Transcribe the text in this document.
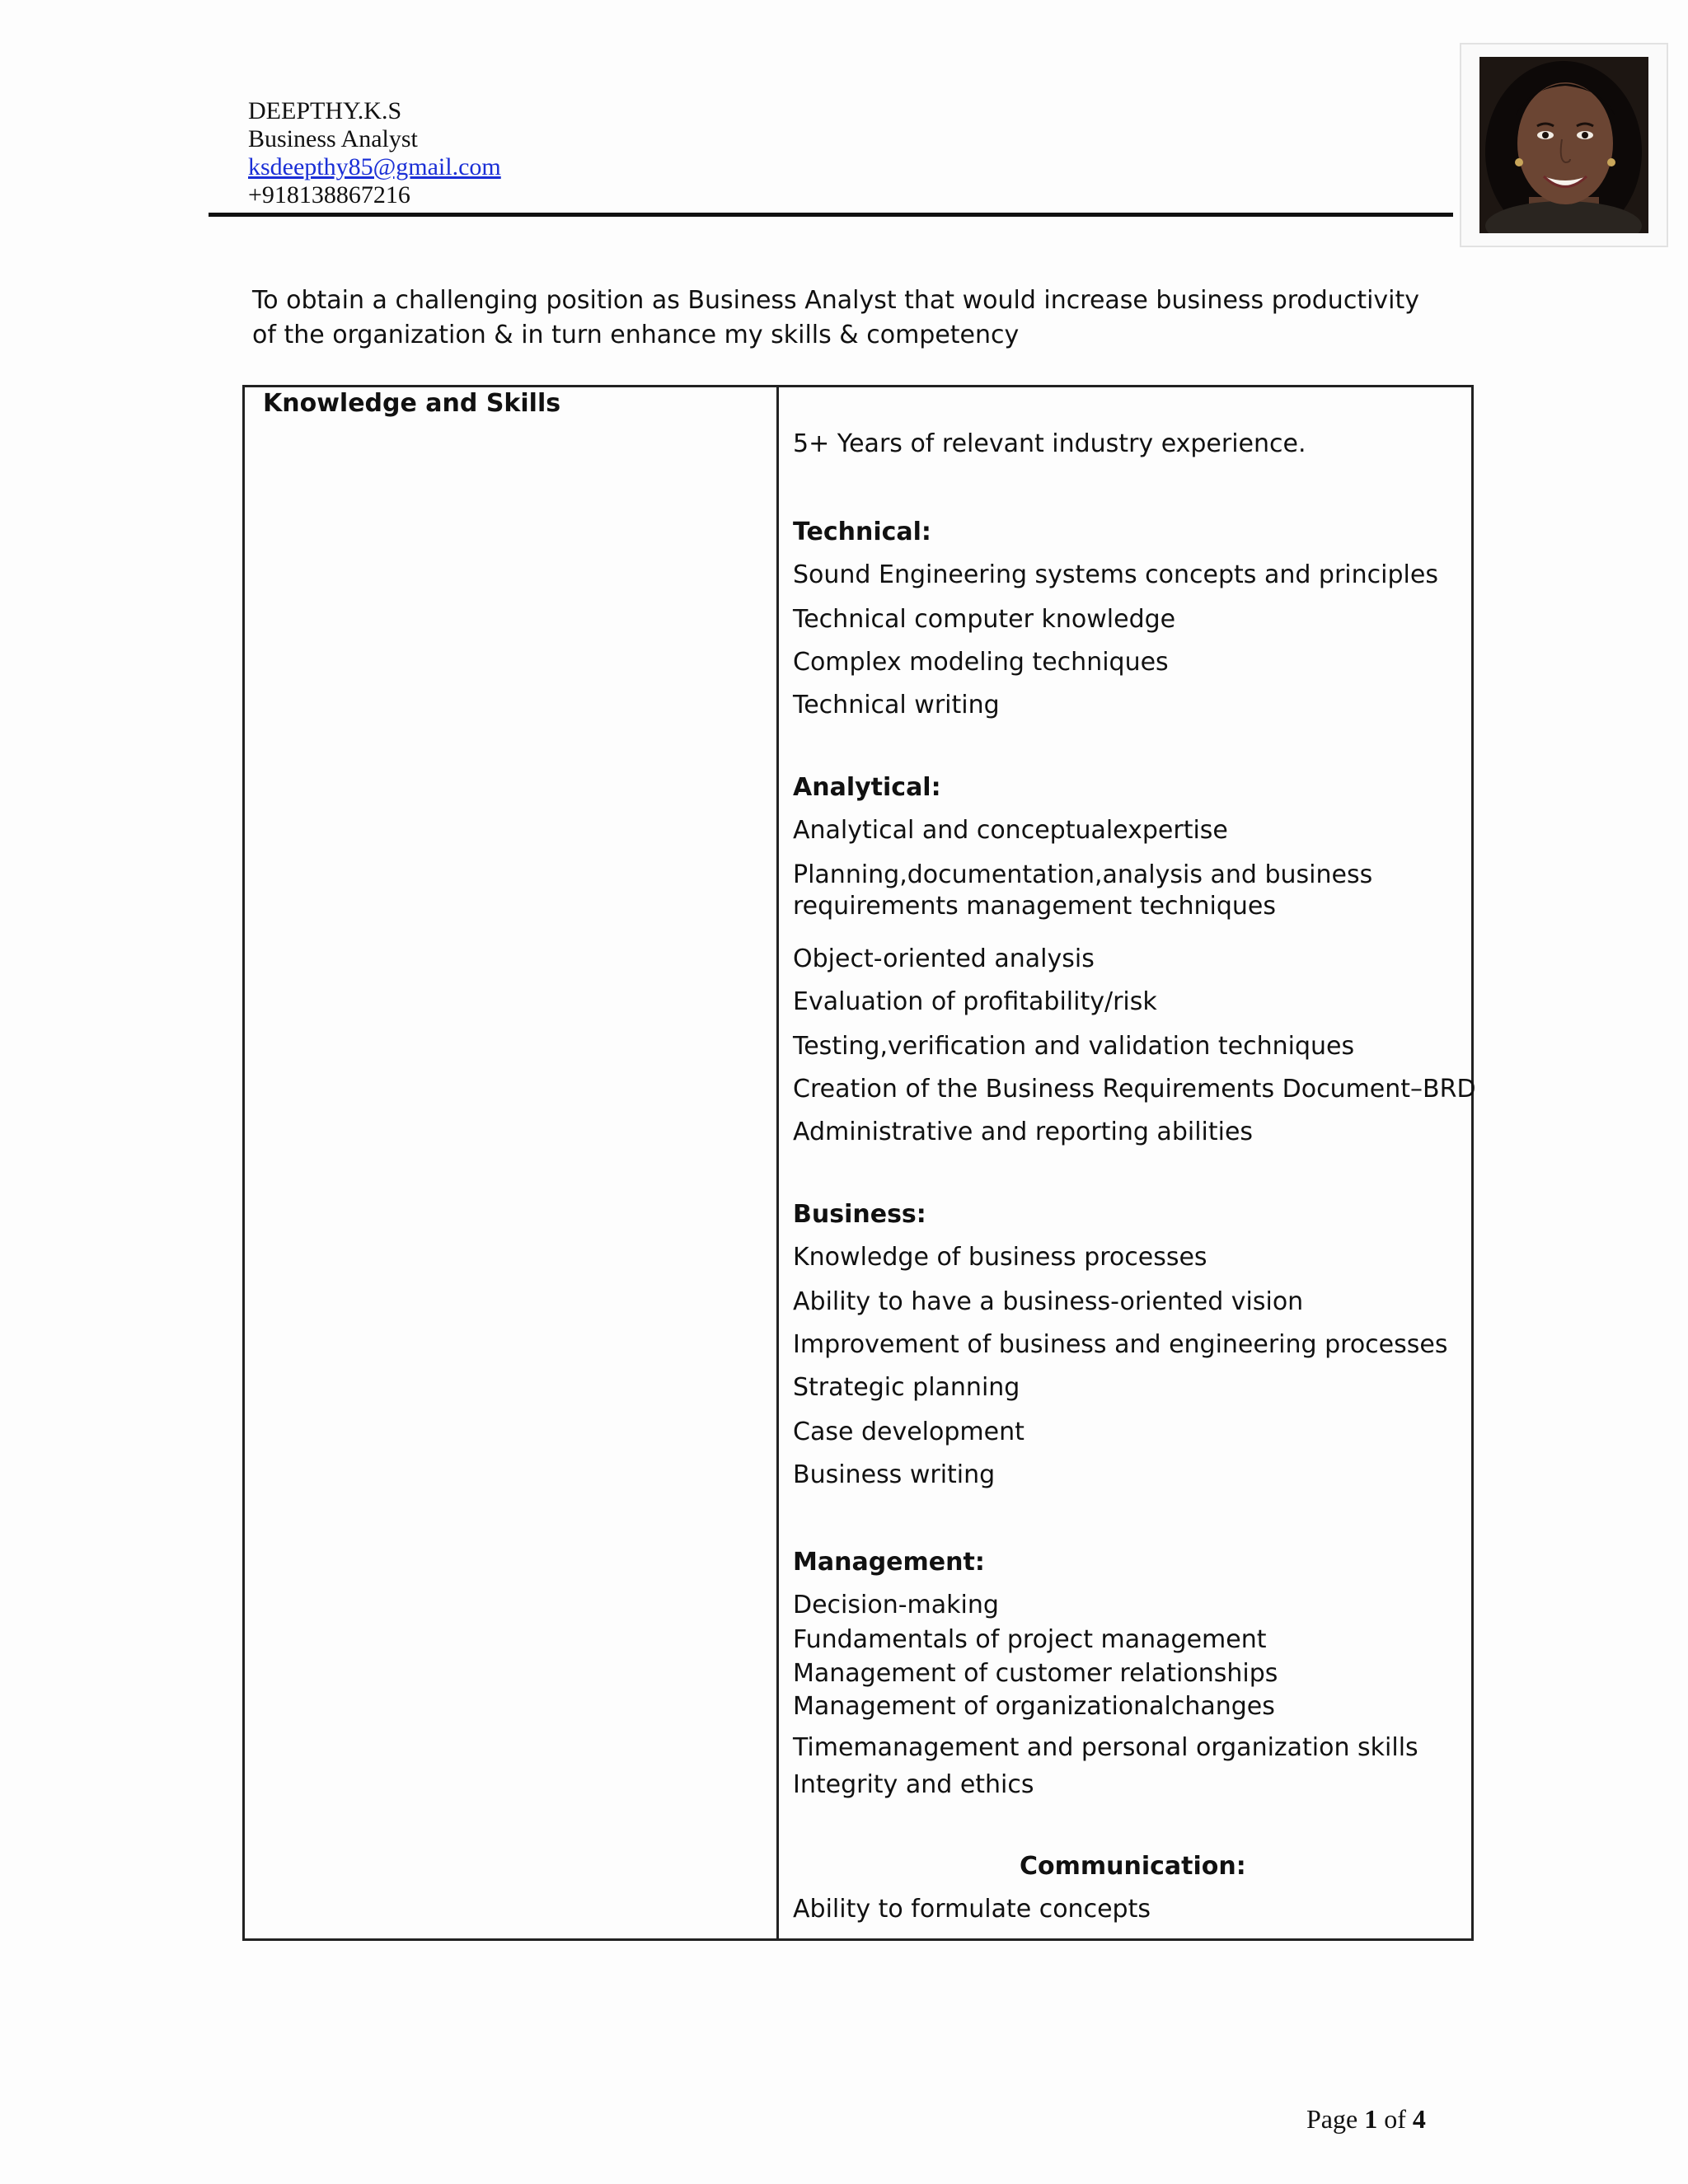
DEEPTHY.K.S
Business Analyst
ksdeepthy85@gmail.com
+918138867216
To obtain a challenging position as Business Analyst that would increase business productivity
of the organization & in turn enhance my skills & competency
Knowledge and Skills
5+ Years of relevant industry experience.
Technical:
Sound Engineering systems concepts and principles
Technical computer knowledge
Complex modeling techniques
Technical writing
Analytical:
Analytical and conceptualexpertise
Planning,documentation,analysis and business
requirements management techniques
Object-oriented analysis
Evaluation of profitability/risk
Testing,verification and validation techniques
Creation of the Business Requirements Document–BRD
Administrative and reporting abilities
Business:
Knowledge of business processes
Ability to have a business-oriented vision
Improvement of business and engineering processes
Strategic planning
Case development
Business writing
Management:
Decision-making
Fundamentals of project management
Management of customer relationships
Management of organizationalchanges
Timemanagement and personal organization skills
Integrity and ethics
Communication:
Ability to formulate concepts
Page 1 of 4
